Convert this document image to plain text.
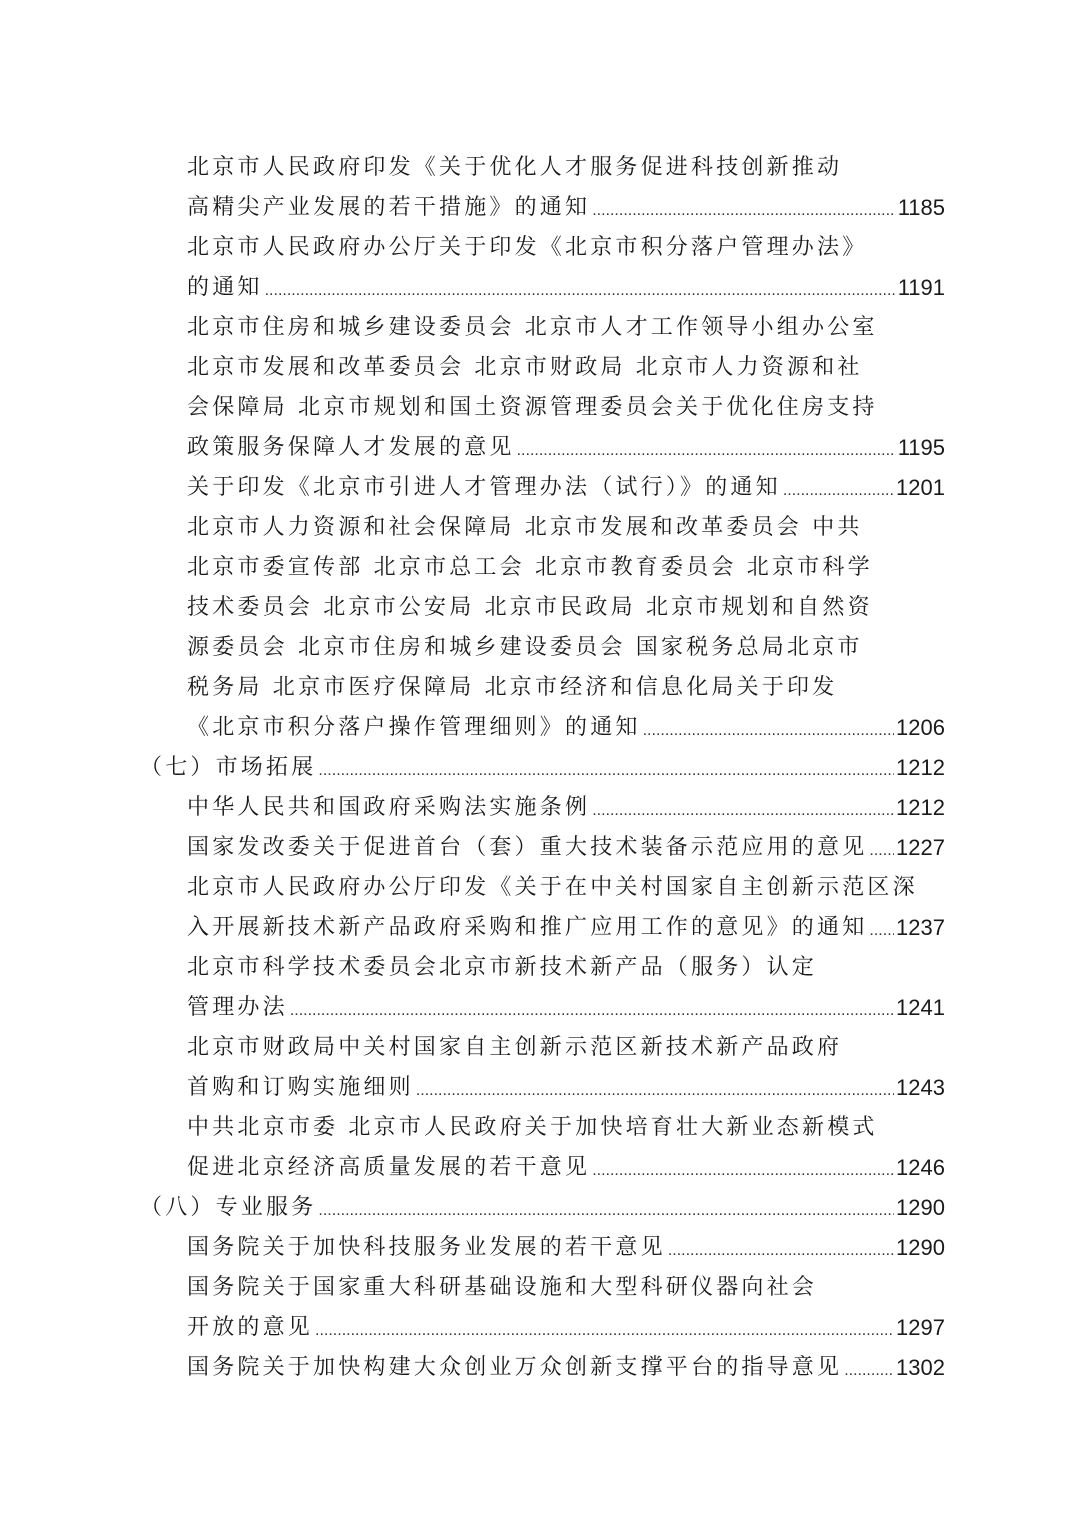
北京市人民政府印发《关于优化人才服务促进科技创新推动
高精尖产业发展的若干措施》的通知 .....	1185
北京市人民政府办公厅关于印发《北京市积分落户管理办法》
的通知 .....	1191
北京市住房和城乡建设委员会 北京市人才工作领导小组办公室
北京市发展和改革委员会 北京市财政局 北京市人力资源和社
会保障局 北京市规划和国土资源管理委员会关于优化住房支持
政策服务保障人才发展的意见 .....	1195
关于印发《北京市引进人才管理办法（试行）》的通知 .....	1201
北京市人力资源和社会保障局 北京市发展和改革委员会 中共
北京市委宣传部 北京市总工会 北京市教育委员会 北京市科学
技术委员会 北京市公安局 北京市民政局 北京市规划和自然资
源委员会 北京市住房和城乡建设委员会 国家税务总局北京市
税务局 北京市医疗保障局 北京市经济和信息化局关于印发
《北京市积分落户操作管理细则》的通知 .....	1206
（七）市场拓展 .....	1212
中华人民共和国政府采购法实施条例 .....	1212
国家发改委关于促进首台（套）重大技术装备示范应用的意见 ..... 1227
北京市人民政府办公厅印发《关于在中关村国家自主创新示范区深
入开展新技术新产品政府采购和推广应用工作的意见》的通知 ..... 1237
北京市科学技术委员会北京市新技术新产品（服务）认定
管理办法 .....	1241
北京市财政局中关村国家自主创新示范区新技术新产品政府
首购和订购实施细则 .....	1243
中共北京市委 北京市人民政府关于加快培育壮大新业态新模式
促进北京经济高质量发展的若干意见 .....	1246
（八）专业服务 .....	1290
国务院关于加快科技服务业发展的若干意见 .....	1290
国务院关于国家重大科研基础设施和大型科研仪器向社会
开放的意见 .....	1297
国务院关于加快构建大众创业万众创新支撑平台的指导意见 ..... 1302
